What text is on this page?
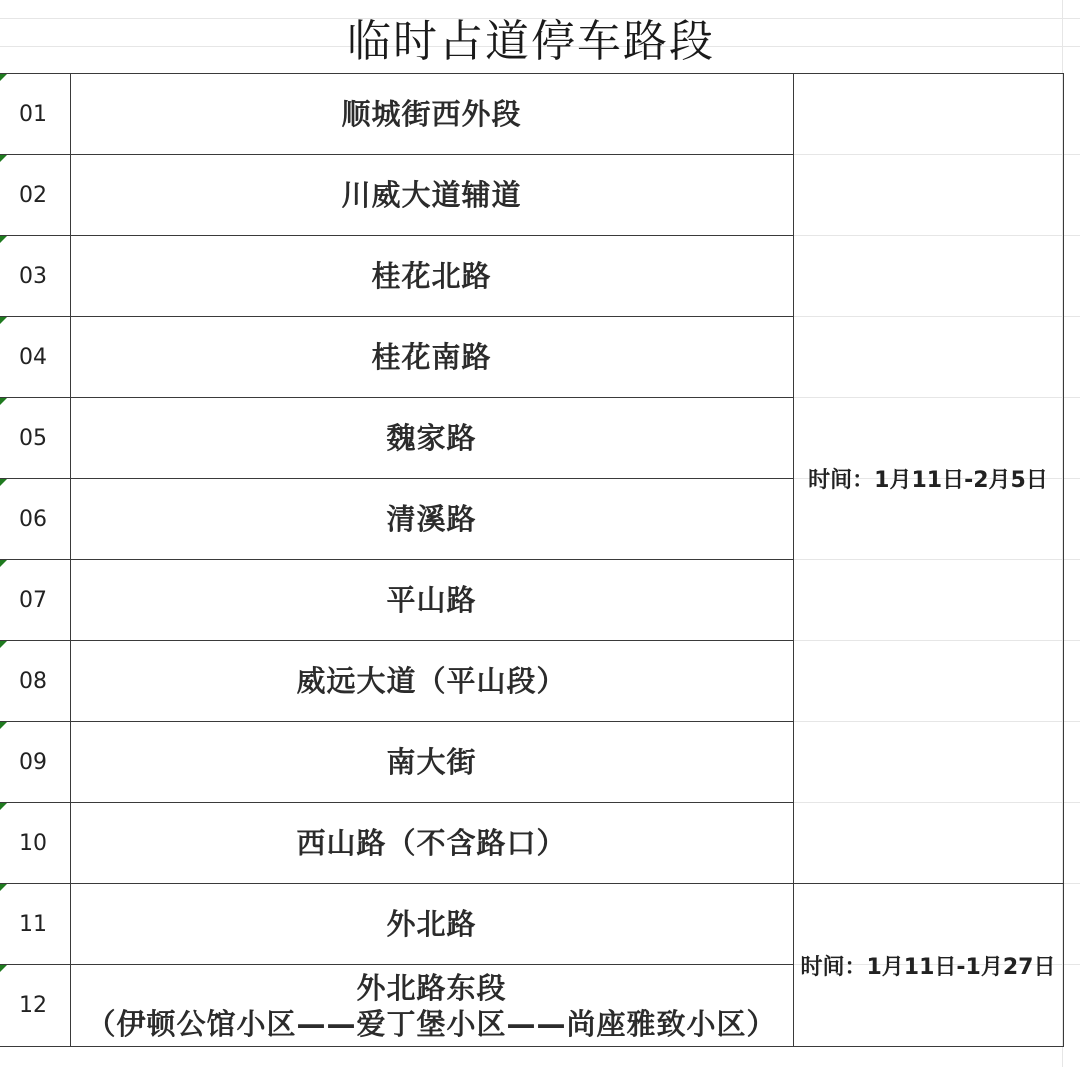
临时占道停车路段
01	顺城街西外段	时间：1月11日-2月5日

02	川威大道辅道	

03	桂花北路	

04	桂花南路	

05	魏家路	

06	清溪路	

07	平山路	

08	威远大道（平山段）	

09	南大街	

10	西山路（不含路口）	

11	外北路	时间：1月11日-1月27日

12	外北路东段
（伊顿公馆小区——爱丁堡小区——尚座雅致小区）	
